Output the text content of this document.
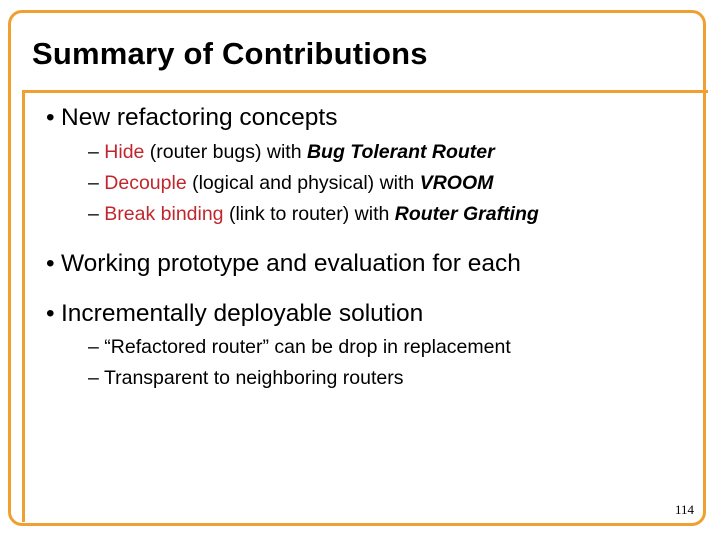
Summary of Contributions
• New refactoring concepts
– Hide (router bugs) with Bug Tolerant Router
– Decouple (logical and physical) with VROOM
– Break binding (link to router) with Router Grafting
• Working prototype and evaluation for each
• Incrementally deployable solution
– “Refactored router” can be drop in replacement
– Transparent to neighboring routers
114
